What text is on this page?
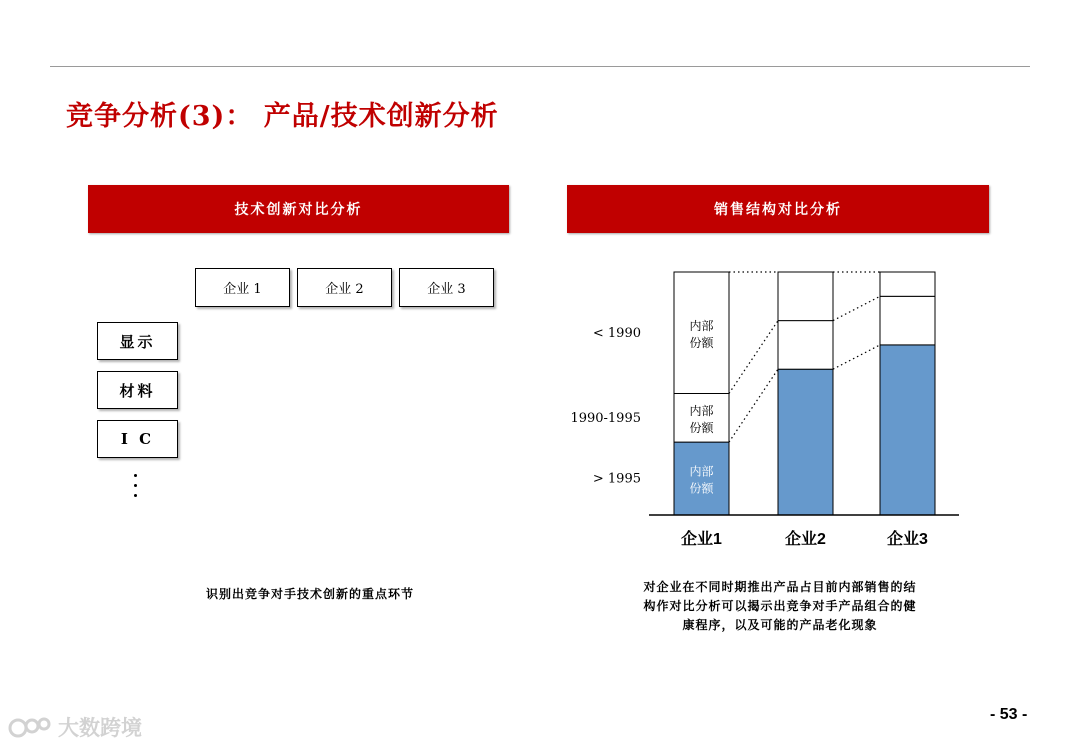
竞争分析(3)： 产品/技术创新分析
技术创新对比分析
企业 1	企业 2	企业 3
显示
材料
I C
识别出竞争对手技术创新的重点环节
销售结构对比分析
内部
份额
内部
份额
内部
份额
> 1995
1990-1995
< 1990
企业1	企业2	企业3
对企业在不同时期推出产品占目前内部销售的结
构作对比分析可以揭示出竞争对手产品组合的健
康程序，以及可能的产品老化现象
大数跨境
- 53 -
